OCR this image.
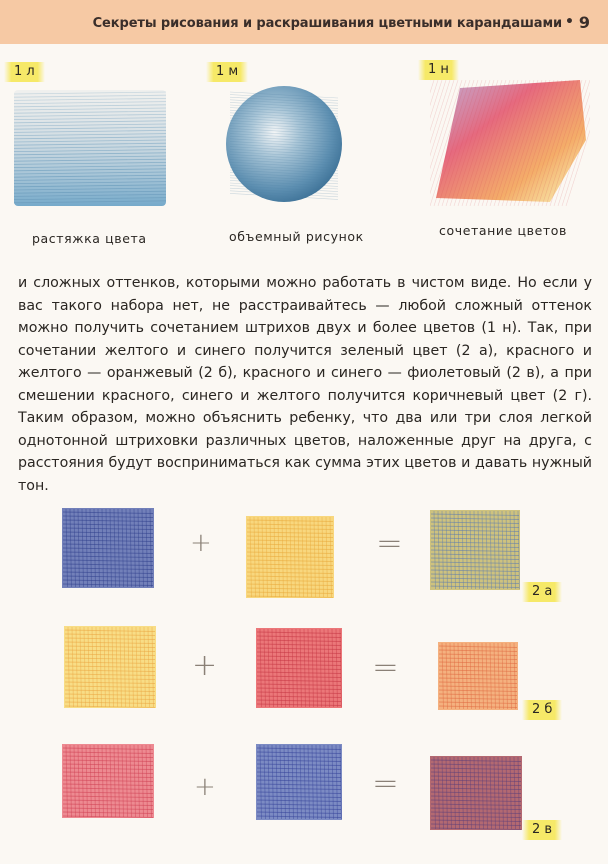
Секреты рисования и раскрашивания цветными карандашами • 9
1 л	1 м	1 н
растяжка цвета	объемный рисунок	сочетание цветов
и сложных оттенков, которыми можно работать в чистом виде. Но если у вас такого набора нет, не расстраивайтесь — любой сложный оттенок можно получить сочетанием штрихов двух и более цветов (1 н). Так, при сочетании желтого и синего получится зеленый цвет (2 а), красного и желтого — оранжевый (2 б), красного и синего — фиолетовый (2 в), а при смешении красного, синего и желтого получится коричневый цвет (2 г). Таким образом, можно объяснить ребенку, что два или три слоя легкой однотонной штриховки различных цветов, наложенные друг на друга, с расстояния будут восприниматься как сумма этих цветов и давать нужный тон.
+	=
2 а
+	=
2 б
+	=
2 в
